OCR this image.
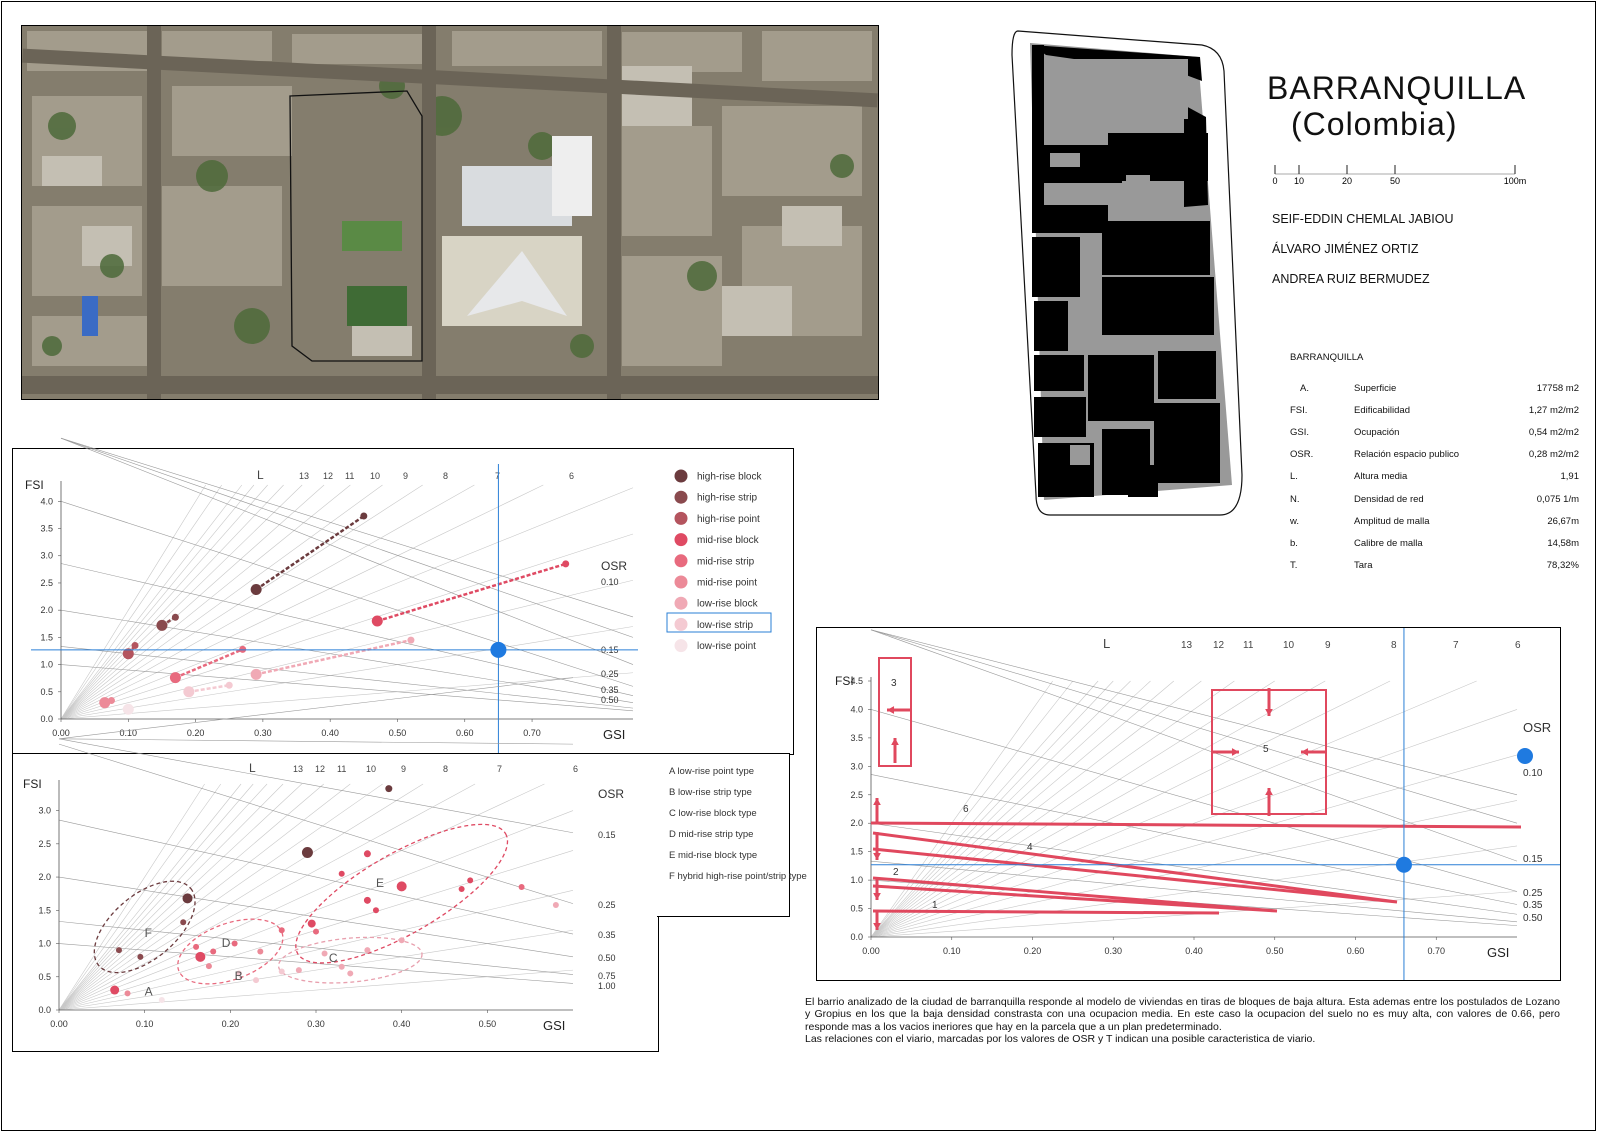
BARRANQUILLA
(Colombia)
0 10	20	50	100m
SEIF-EDDIN CHEMLAL JABIOU
ÁLVARO JIMÉNEZ ORTIZ
ANDREA RUIZ BERMUDEZ
BARRANQUILLA
A.	Superficie	17758 m2
FSI.	Edificabilidad	1,27 m2/m2
GSI.	Ocupación	0,54 m2/m2
OSR.	Relación espacio publico	0,28 m2/m2
L.	Altura media	1,91
N.	Densidad de red	0,075 1/m
w.	Amplitud de malla	26,67m
b.	Calibre de malla	14,58m
T.	Tara	78,32%
0.00	0.10	0.20	0.30	0.40	0.50	0.60	0.70
0.0
0.5
1.0
1.5
2.0
2.5
3.0
3.5
4.0
FSI
GSI
L	13 12 11 10	9	8	7	6
OSR
0.10
0.15
0.25
0.35
0.50
high-rise block
high-rise strip
high-rise point
mid-rise block
mid-rise strip
mid-rise point
low-rise block
low-rise strip
low-rise point
0.00	0.10	0.20	0.30	0.40	0.50
0.0
0.5
1.0
1.5
2.0
2.5
3.0
FSI
GSI
L	13 12 11 10	9	8	7	6
OSR
0.15
0.25
0.35
0.50
0.75
1.00
A
B
C
D
E
F
A low-rise point type
B low-rise strip type
C low-rise block type
D mid-rise strip type
E mid-rise block type
F hybrid high-rise point/strip type
0.00	0.10	0.20	0.30	0.40	0.50	0.60	0.70
0.0
0.5
1.0
1.5
2.0
2.5
3.0
3.5
4.0
4.5
FSI
GSI
L	13 12 11	10	9	8	7	6
OSR
0.10
0.15
0.25
0.35
0.50
1
2
3
4
5
6
El barrio analizado de la ciudad de barranquilla responde al modelo de viviendas en tiras de bloques de baja altura. Esta ademas entre los postulados de Lozano y Gropius en los que la baja densidad constrasta con una ocupacion media. En este caso la ocupacion del suelo no es muy alta, con valores de 0.66, pero responde mas a los vacios ineriores que hay en la parcela que a un plan predeterminado.
Las relaciones con el viario, marcadas por los valores de OSR y T indican una posible caracteristica de viario.
